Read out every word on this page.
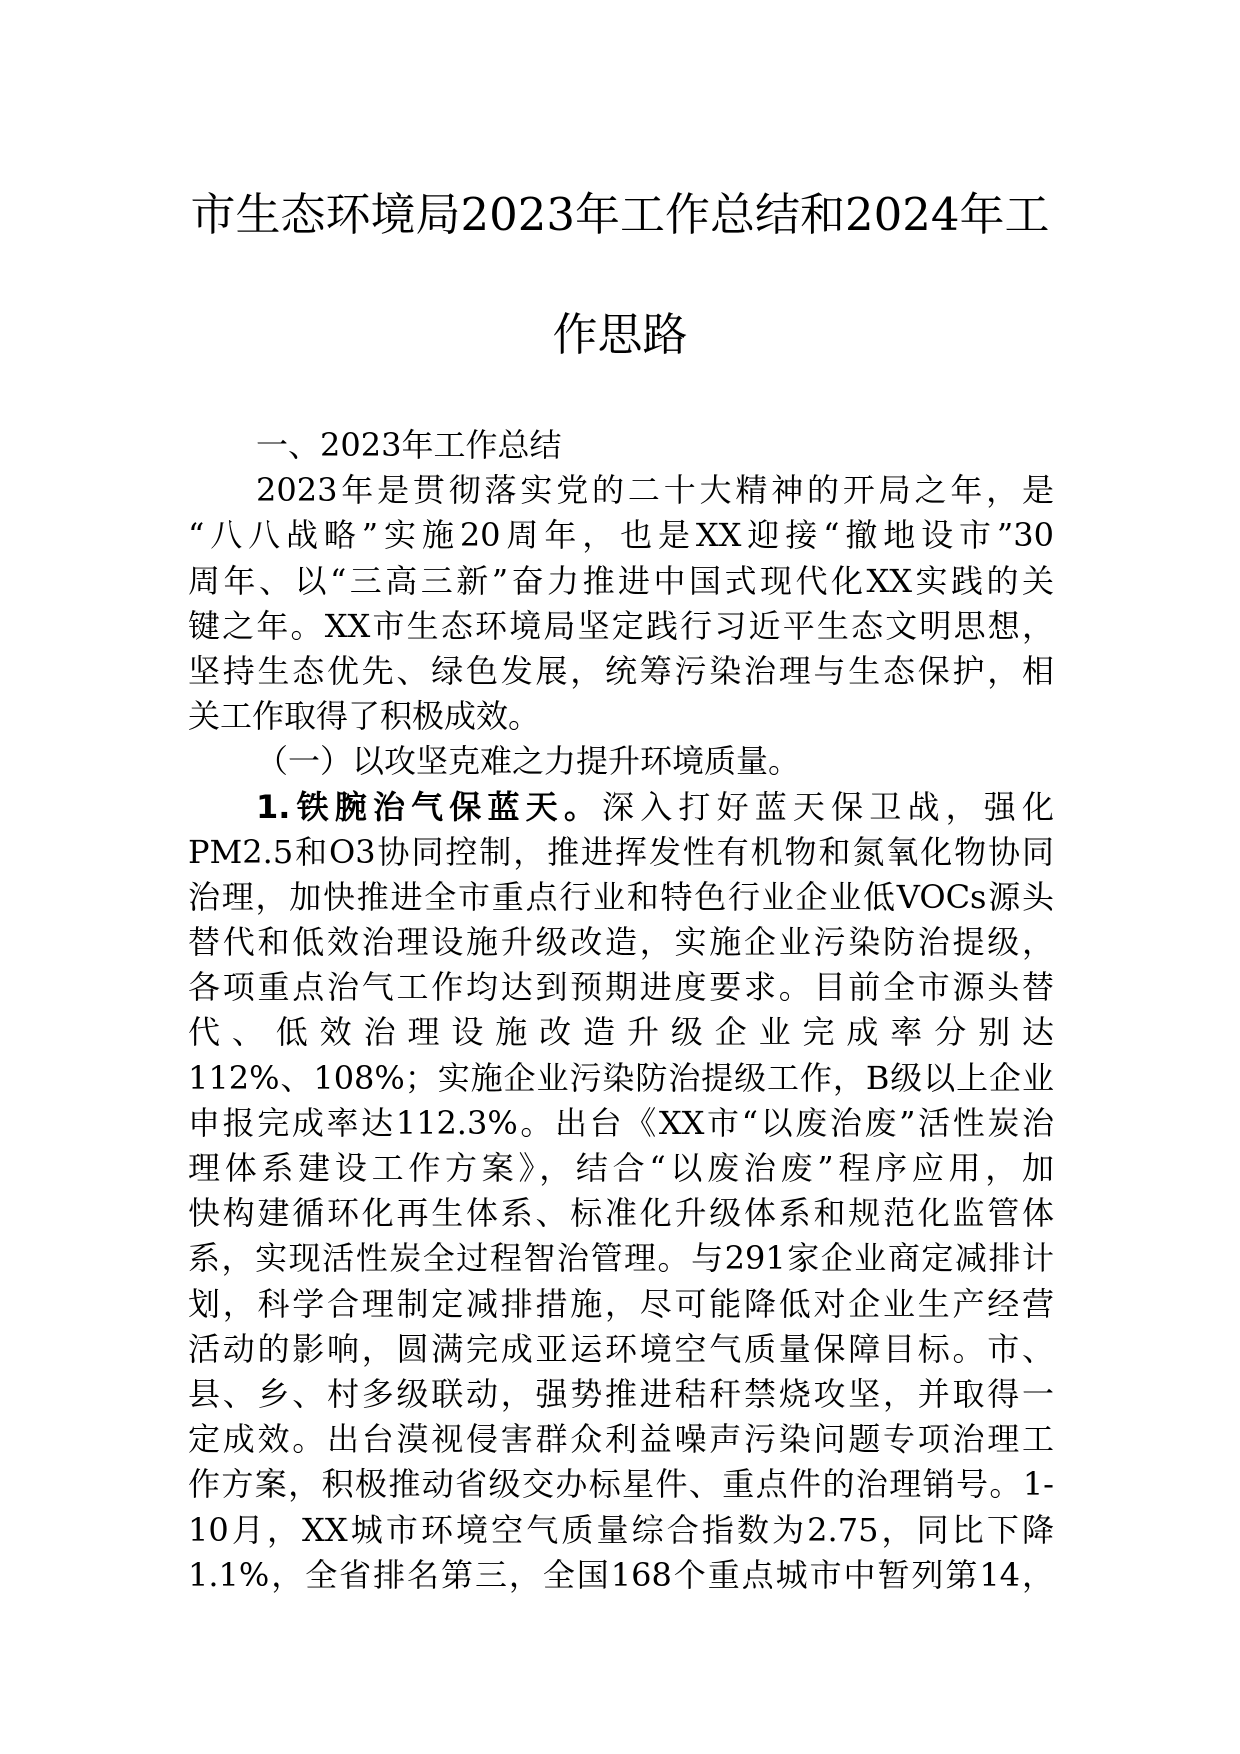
市生态环境局2023年工作总结和2024年工
作思路
一、2023年工作总结
2023年是贯彻落实党的二十大精神的开局之年，是
“八八战略”实施20周年，也是XX迎接“撤地设市”30
周年、以“三高三新”奋力推进中国式现代化XX实践的关
键之年。XX市生态环境局坚定践行习近平生态文明思想，
坚持生态优先、绿色发展，统筹污染治理与生态保护，相
关工作取得了积极成效。
（一）以攻坚克难之力提升环境质量。
1.铁腕治气保蓝天。深入打好蓝天保卫战，强化
PM2.5和O3协同控制，推进挥发性有机物和氮氧化物协同
治理，加快推进全市重点行业和特色行业企业低VOCs源头
替代和低效治理设施升级改造，实施企业污染防治提级，
各项重点治气工作均达到预期进度要求。目前全市源头替
代、低效治理设施改造升级企业完成率分别达
112%、108%；实施企业污染防治提级工作，B级以上企业
申报完成率达112.3%。出台《XX市“以废治废”活性炭治
理体系建设工作方案》，结合“以废治废”程序应用，加
快构建循环化再生体系、标准化升级体系和规范化监管体
系，实现活性炭全过程智治管理。与291家企业商定减排计
划，科学合理制定减排措施，尽可能降低对企业生产经营
活动的影响，圆满完成亚运环境空气质量保障目标。市、
县、乡、村多级联动，强势推进秸秆禁烧攻坚，并取得一
定成效。出台漠视侵害群众利益噪声污染问题专项治理工
作方案，积极推动省级交办标星件、重点件的治理销号。1-
10月，XX城市环境空气质量综合指数为2.75，同比下降
1.1%，全省排名第三，全国168个重点城市中暂列第14，
